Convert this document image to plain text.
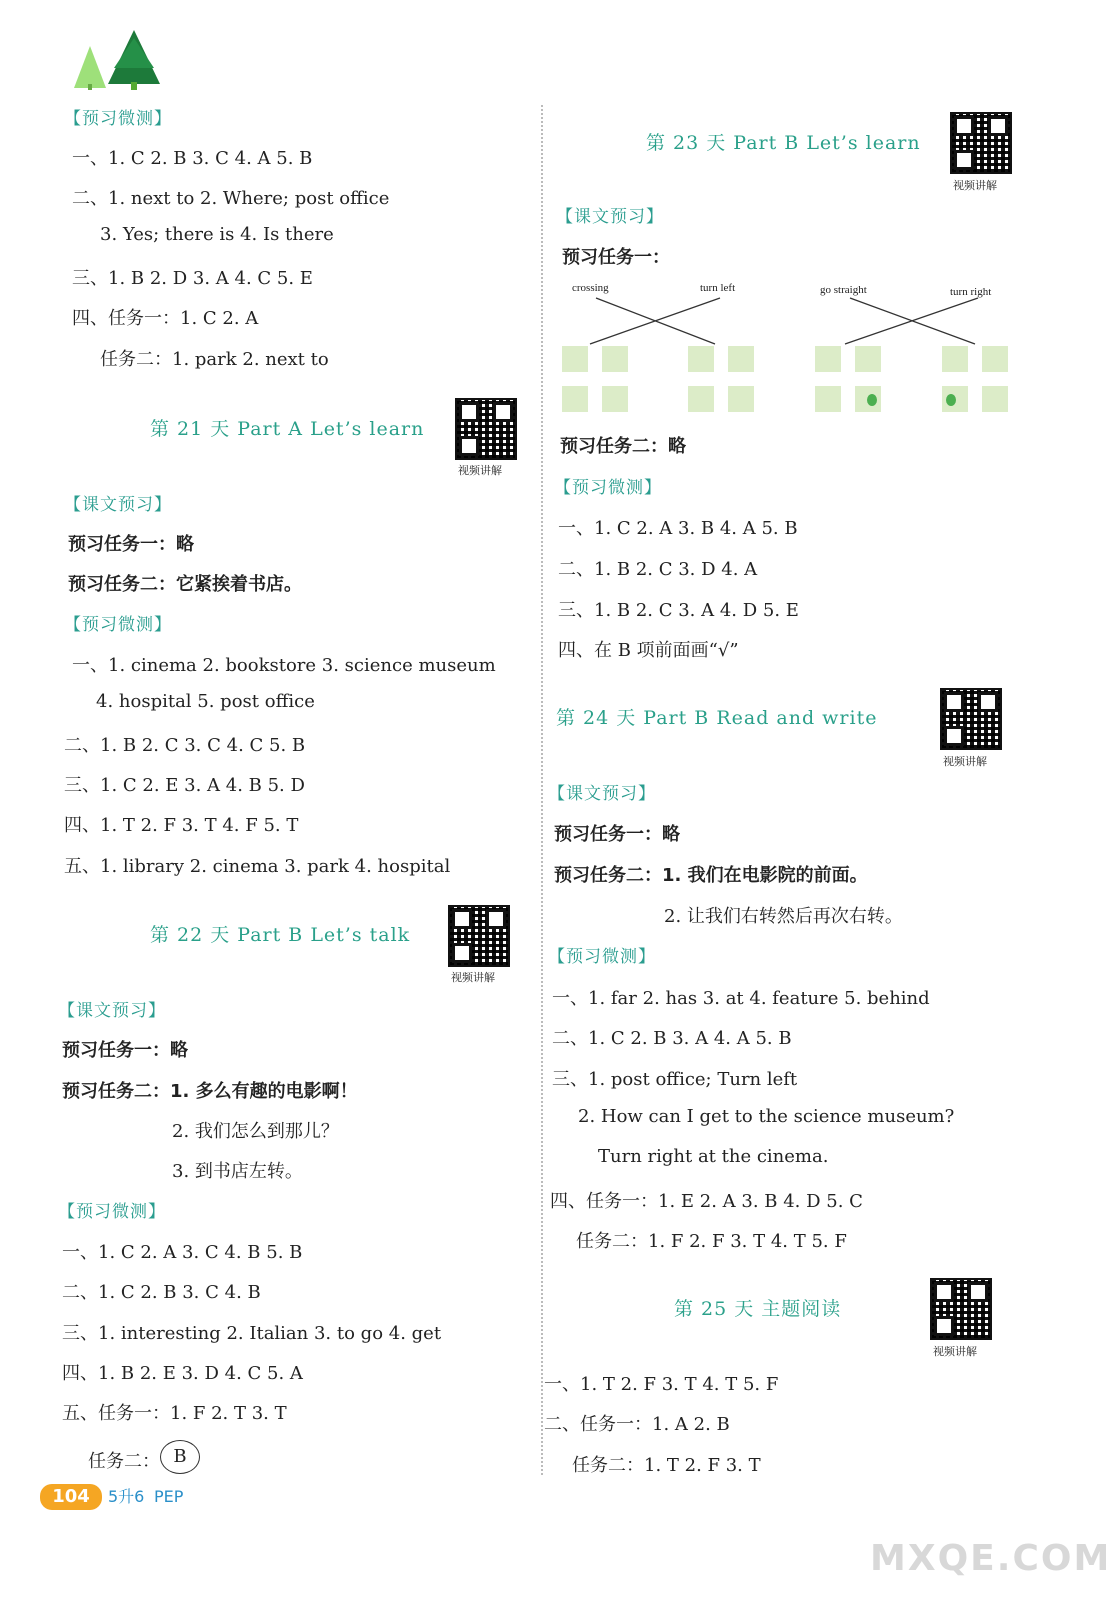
【预习微测】
一、1. C 2. B 3. C 4. A 5. B
二、1. next to 2. Where; post office
3. Yes; there is 4. Is there
三、1. B 2. D 3. A 4. C 5. E
四、任务一：1. C 2. A
任务二：1. park 2. next to
第 21 天 Part A Let’s learn
视频讲解
【课文预习】
预习任务一：略
预习任务二：它紧挨着书店。
【预习微测】
一、1. cinema 2. bookstore 3. science museum
4. hospital 5. post office
二、1. B 2. C 3. C 4. C 5. B
三、1. C 2. E 3. A 4. B 5. D
四、1. T 2. F 3. T 4. F 5. T
五、1. library 2. cinema 3. park 4. hospital
第 22 天 Part B Let’s talk
视频讲解
【课文预习】
预习任务一：略
预习任务二：1. 多么有趣的电影啊！
2. 我们怎么到那儿？
3. 到书店左转。
【预习微测】
一、1. C 2. A 3. C 4. B 5. B
二、1. C 2. B 3. C 4. B
三、1. interesting 2. Italian 3. to go 4. get
四、1. B 2. E 3. D 4. C 5. A
五、任务一：1. F 2. T 3. T
任务二： B
第 23 天 Part B Let’s learn
视频讲解
【课文预习】
预习任务一：
crossing	turn left	go straight	turn right
预习任务二：略
【预习微测】
一、1. C 2. A 3. B 4. A 5. B
二、1. B 2. C 3. D 4. A
三、1. B 2. C 3. A 4. D 5. E
四、在 B 项前面画“√”
第 24 天 Part B Read and write
视频讲解
【课文预习】
预习任务一：略
预习任务二：1. 我们在电影院的前面。
2. 让我们右转然后再次右转。
【预习微测】
一、1. far 2. has 3. at 4. feature 5. behind
二、1. C 2. B 3. A 4. A 5. B
三、1. post office; Turn left
2. How can I get to the science museum?
Turn right at the cinema.
四、任务一：1. E 2. A 3. B 4. D 5. C
任务二：1. F 2. F 3. T 4. T 5. F
第 25 天 主题阅读
视频讲解
一、1. T 2. F 3. T 4. T 5. F
二、任务一：1. A 2. B
任务二：1. T 2. F 3. T
104	5升6 PEP
MXQE.COM
